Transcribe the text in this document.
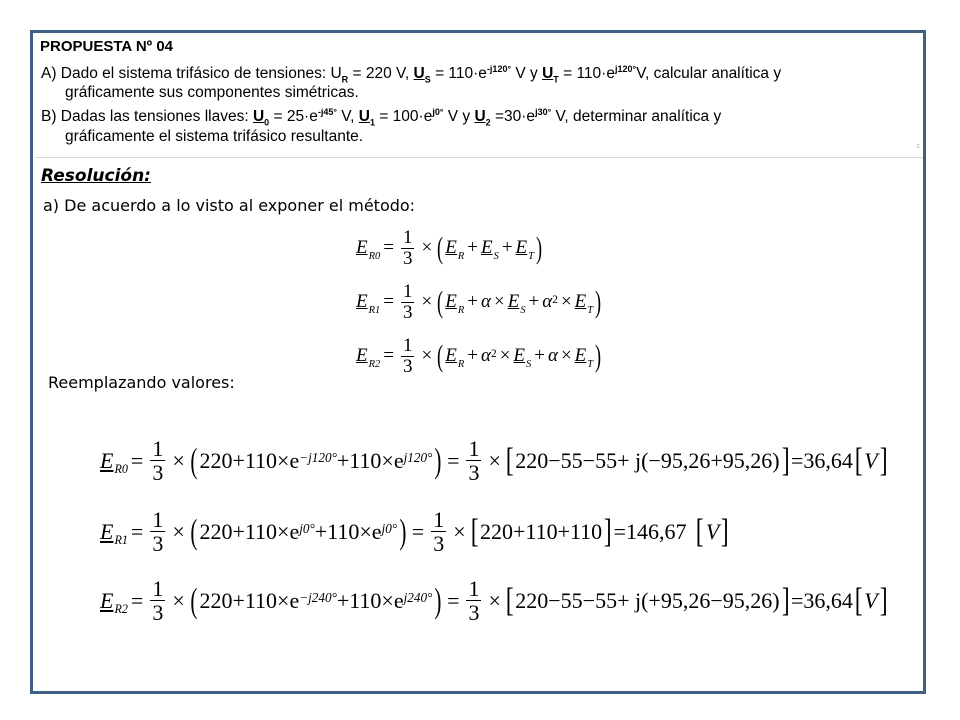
PROPUESTA Nº 04
A) Dado el sistema trifásico de tensiones: $U_R = 220$ V, $U_S = 110\cdot e^{-j120^\circ}$ V y $U_T = 110\cdot e^{j120^\circ}V$, calcular analítica y
gráficamente sus componentes simétricas.
B) Dadas las tensiones llaves: $U_0 = 25\cdot e^{-j45^\circ}$ V, $U_1 = 100\cdot e^{j0^\circ}$ V y $U_2 =30\cdot e^{j30^\circ}$ V, determinar analítica y
gráficamente el sistema trifásico resultante.
c
Resolución:
a) De acuerdo a lo visto al exponer el método:
E $R0 = \frac{1}{3}$ × ( E R + E S + E T )
E $R1 = \frac{1}{3}$ × ( E R + α × E $S + \alpha^2 \times E$ T )
E $R2 = \frac{1}{3}$ × ( E $R + \alpha^2 \times E$ S + α × E T )
Reemplazando valores:
E $R0 = \frac{1}{3}$ × ( $220+110\times e^{-j120^\circ} +110\times e^{j120^\circ}$ ) = $\frac{1}{3}$ × [ 220−55−55+ j(−95,26+95,26) ] =36,64 [ V ]
E $R1 = \frac{1}{3}$ × ( $220+110\times e^{j0^\circ} +110\times e^{j0^\circ}$ ) = $\frac{1}{3}$ × [ 220+110+110 ] =146,67 [ V ]
E $R2 = \frac{1}{3}$ × ( $220+110\times e^{-j240^\circ} +110\times e^{j240^\circ}$ ) = $\frac{1}{3}$ × [ 220−55−55+ j(+95,26−95,26) ] =36,64 [ V ]
